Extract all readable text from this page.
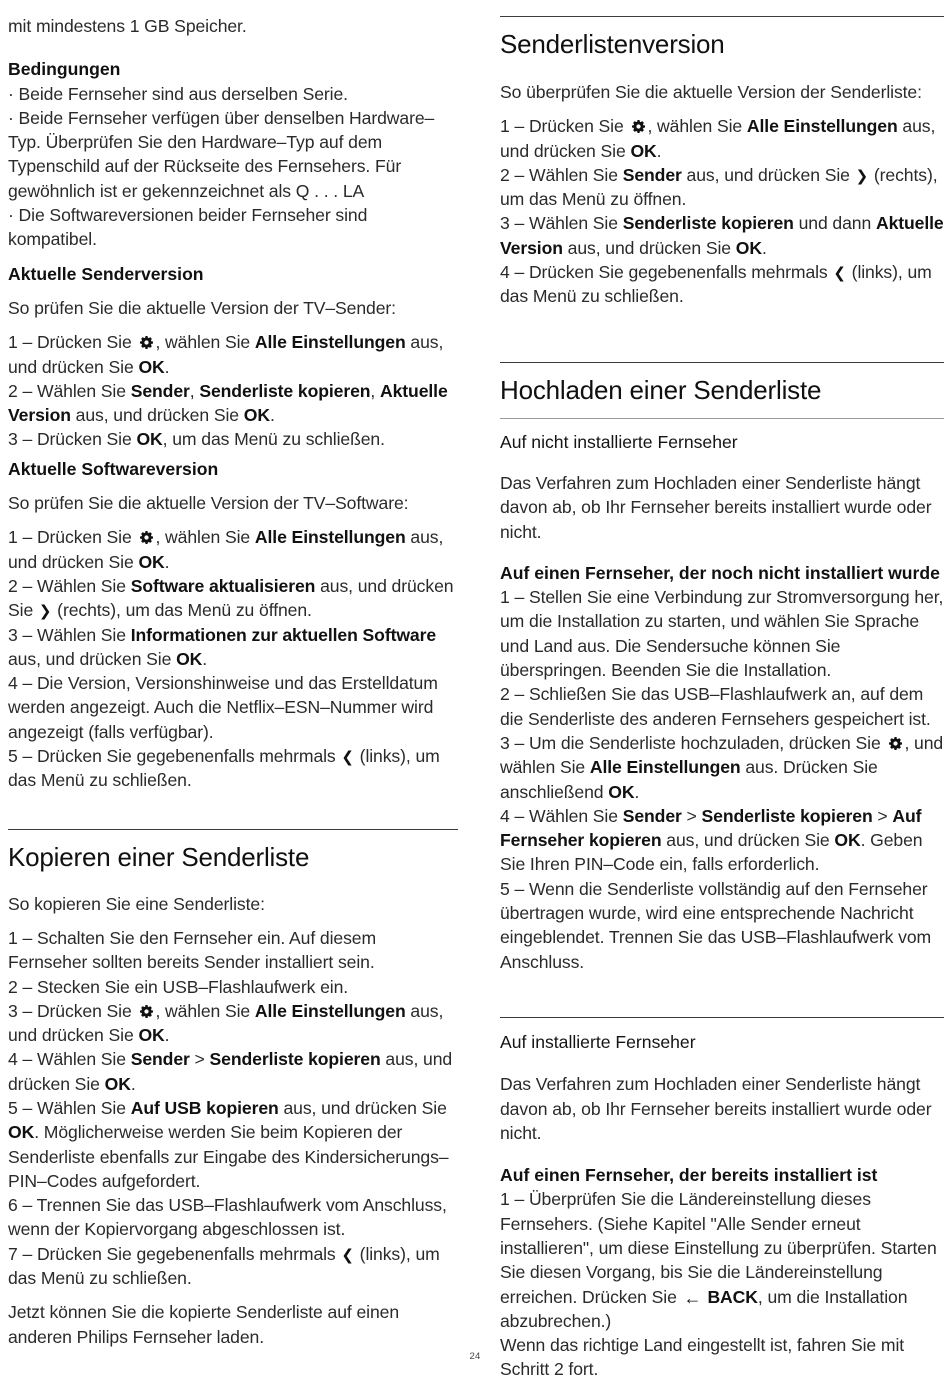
mit mindestens 1 GB Speicher.

Bedingungen

· Beide Fernseher sind aus derselben Serie.

· Beide Fernseher verfügen über denselben Hardware–Typ. Überprüfen Sie den Hardware–Typ auf dem Typenschild auf der Rückseite des Fernsehers. Für gewöhnlich ist er gekennzeichnet als Q . . . LA

· Die Softwareversionen beider Fernseher sind kompatibel.

Aktuelle Senderversion

So prüfen Sie die aktuelle Version der TV–Sender:

1 – Drücken Sie
, wählen Sie Alle Einstellungen aus, und drücken Sie OK.

2 – Wählen Sie Sender, Senderliste kopieren, Aktuelle Version aus, und drücken Sie OK.

3 – Drücken Sie OK, um das Menü zu schließen.

Aktuelle Softwareversion

So prüfen Sie die aktuelle Version der TV–Software:

1 – Drücken Sie
, wählen Sie Alle Einstellungen aus, und drücken Sie OK.

2 – Wählen Sie Software aktualisieren aus, und drücken Sie ❯ (rechts), um das Menü zu öffnen.

3 – Wählen Sie Informationen zur aktuellen Software aus, und drücken Sie OK.

4 – Die Version, Versionshinweise und das Erstelldatum werden angezeigt. Auch die Netflix–ESN–Nummer wird angezeigt (falls verfügbar).

5 – Drücken Sie gegebenenfalls mehrmals ❮ (links), um das Menü zu schließen.

Kopieren einer Senderliste

So kopieren Sie eine Senderliste:

1 – Schalten Sie den Fernseher ein. Auf diesem Fernseher sollten bereits Sender installiert sein.

2 – Stecken Sie ein USB–Flashlaufwerk ein.

3 – Drücken Sie
, wählen Sie Alle Einstellungen aus, und drücken Sie OK.

4 – Wählen Sie Sender > Senderliste kopieren aus, und drücken Sie OK.

5 – Wählen Sie Auf USB kopieren aus, und drücken Sie OK. Möglicherweise werden Sie beim Kopieren der Senderliste ebenfalls zur Eingabe des Kindersicherungs–PIN–Codes aufgefordert.

6 – Trennen Sie das USB–Flashlaufwerk vom Anschluss, wenn der Kopiervorgang abgeschlossen ist.

7 – Drücken Sie gegebenenfalls mehrmals ❮ (links), um das Menü zu schließen.

Jetzt können Sie die kopierte Senderliste auf einen anderen Philips Fernseher laden.

Senderlistenversion

So überprüfen Sie die aktuelle Version der Senderliste:

1 – Drücken Sie
, wählen Sie Alle Einstellungen aus, und drücken Sie OK.

2 – Wählen Sie Sender aus, und drücken Sie ❯ (rechts), um das Menü zu öffnen.

3 – Wählen Sie Senderliste kopieren und dann Aktuelle Version aus, und drücken Sie OK.

4 – Drücken Sie gegebenenfalls mehrmals ❮ (links), um das Menü zu schließen.

Hochladen einer Senderliste
Auf nicht installierte Fernseher

Das Verfahren zum Hochladen einer Senderliste hängt davon ab, ob Ihr Fernseher bereits installiert wurde oder nicht.

Auf einen Fernseher, der noch nicht installiert wurde

1 – Stellen Sie eine Verbindung zur Stromversorgung her, um die Installation zu starten, und wählen Sie Sprache und Land aus. Die Sendersuche können Sie überspringen. Beenden Sie die Installation.

2 – Schließen Sie das USB–Flashlaufwerk an, auf dem die Senderliste des anderen Fernsehers gespeichert ist.

3 – Um die Senderliste hochzuladen, drücken Sie
, und wählen Sie Alle Einstellungen aus. Drücken Sie anschließend OK.

4 – Wählen Sie Sender > Senderliste kopieren > Auf Fernseher kopieren aus, und drücken Sie OK. Geben Sie Ihren PIN–Code ein, falls erforderlich.

5 – Wenn die Senderliste vollständig auf den Fernseher übertragen wurde, wird eine entsprechende Nachricht eingeblendet. Trennen Sie das USB–Flashlaufwerk vom Anschluss.

Auf installierte Fernseher

Das Verfahren zum Hochladen einer Senderliste hängt davon ab, ob Ihr Fernseher bereits installiert wurde oder nicht.

Auf einen Fernseher, der bereits installiert ist

1 – Überprüfen Sie die Ländereinstellung dieses Fernsehers. (Siehe Kapitel "Alle Sender erneut installieren", um diese Einstellung zu überprüfen. Starten Sie diesen Vorgang, bis Sie die Ländereinstellung erreichen. Drücken Sie ← BACK, um die Installation abzubrechen.)

Wenn das richtige Land eingestellt ist, fahren Sie mit Schritt 2 fort.

24
